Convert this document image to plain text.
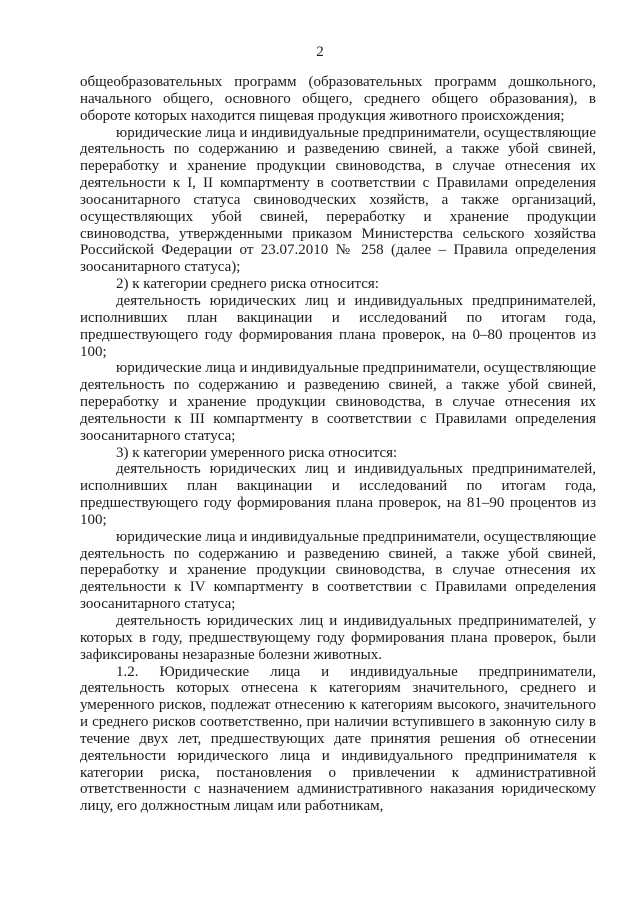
2

общеобразовательных программ (образовательных программ дошкольного, начального общего, основного общего, среднего общего образования), в обороте которых находится пищевая продукция животного происхождения;

юридические лица и индивидуальные предприниматели, осуществляющие деятельность по содержанию и разведению свиней, а также убой свиней, переработку и хранение продукции свиноводства, в случае отнесения их деятельности к I, II компартменту в соответствии с Правилами определения зоосанитарного статуса свиноводческих хозяйств, а также организаций, осуществляющих убой свиней, переработку и хранение продукции свиноводства, утвержденными приказом Министерства сельского хозяйства Российской Федерации от 23.07.2010 № 258 (далее – Правила определения зоосанитарного статуса);

2) к категории среднего риска относится:

деятельность юридических лиц и индивидуальных предпринимателей, исполнивших план вакцинации и исследований по итогам года, предшествующего году формирования плана проверок, на 0–80 процентов из 100;

юридические лица и индивидуальные предприниматели, осуществляющие деятельность по содержанию и разведению свиней, а также убой свиней, переработку и хранение продукции свиноводства, в случае отнесения их деятельности к III компартменту в соответствии с Правилами определения зоосанитарного статуса;

3) к категории умеренного риска относится:

деятельность юридических лиц и индивидуальных предпринимателей, исполнивших план вакцинации и исследований по итогам года, предшествующего году формирования плана проверок, на 81–90 процентов из 100;

юридические лица и индивидуальные предприниматели, осуществляющие деятельность по содержанию и разведению свиней, а также убой свиней, переработку и хранение продукции свиноводства, в случае отнесения их деятельности к IV компартменту в соответствии с Правилами определения зоосанитарного статуса;

деятельность юридических лиц и индивидуальных предпринимателей, у которых в году, предшествующему году формирования плана проверок, были зафиксированы незаразные болезни животных.

1.2. Юридические лица и индивидуальные предприниматели, деятельность которых отнесена к категориям значительного, среднего и умеренного рисков, подлежат отнесению к категориям высокого, значительного и среднего рисков соответственно, при наличии вступившего в законную силу в течение двух лет, предшествующих дате принятия решения об отнесении деятельности юридического лица и индивидуального предпринимателя к категории риска, постановления о привлечении к административной ответственности с назначением административного наказания юридическому лицу, его должностным лицам или работникам,
